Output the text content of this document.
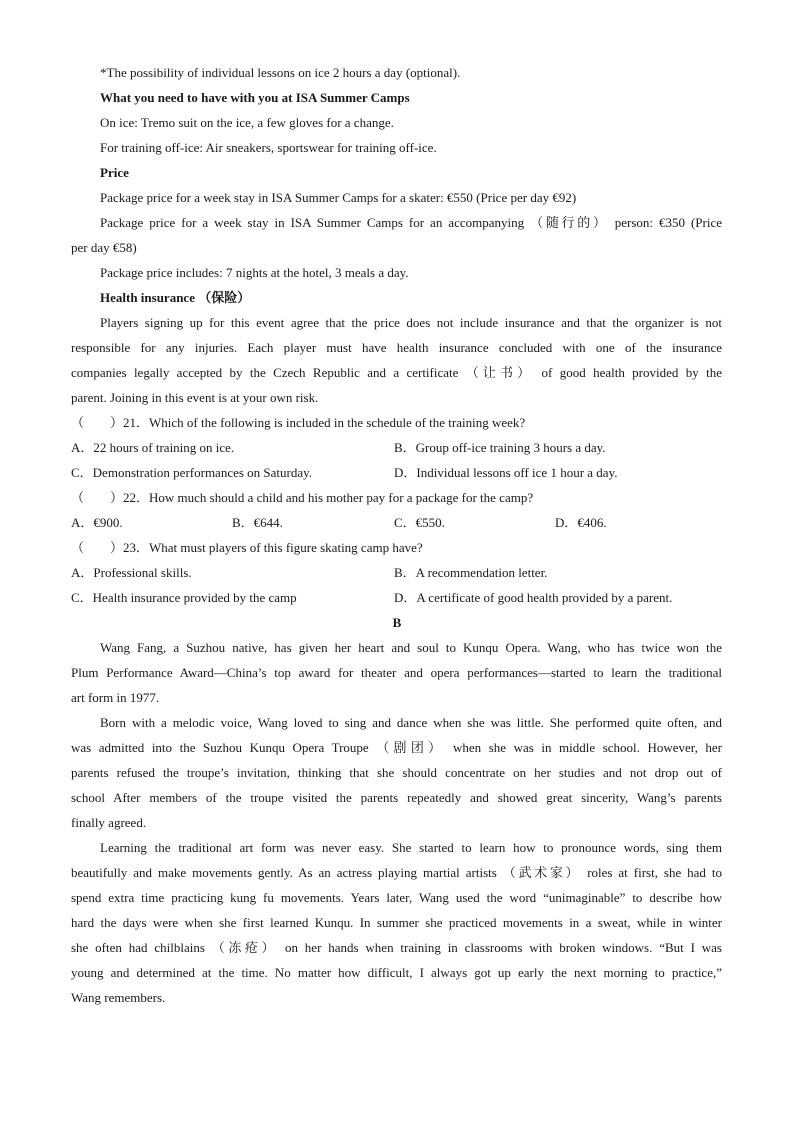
*The possibility of individual lessons on ice 2 hours a day (optional).
What you need to have with you at ISA Summer Camps
On ice: Tremo suit on the ice, a few gloves for a change.
For training off-ice: Air sneakers, sportswear for training off-ice.
Price
Package price for a week stay in ISA Summer Camps for a skater: €550 (Price per day €92)
Package price for a week stay in ISA Summer Camps for an accompanying （随行的） person: €350 (Price
per day €58)
Package price includes: 7 nights at the hotel, 3 meals a day.
Health insurance （保险）
Players signing up for this event agree that the price does not include insurance and that the organizer is not
responsible for any injuries. Each player must have health insurance concluded with one of the insurance
companies legally accepted by the Czech Republic and a certificate （让书） of good health provided by the
parent. Joining in this event is at your own risk.
（　　）21．Which of the following is included in the schedule of the training week?
A．22 hours of training on ice.	B．Group off-ice training 3 hours a day.
C．Demonstration performances on Saturday.	D．Individual lessons off ice 1 hour a day.
（　　）22．How much should a child and his mother pay for a package for the camp?
A．€900.	B．€644.	C．€550.	D．€406.
（　　）23．What must players of this figure skating camp have?
A．Professional skills.	B．A recommendation letter.
C．Health insurance provided by the camp	D．A certificate of good health provided by a parent.
B
Wang Fang, a Suzhou native, has given her heart and soul to Kunqu Opera. Wang, who has twice won the
Plum Performance Award—China’s top award for theater and opera performances—started to learn the traditional
art form in 1977.
Born with a melodic voice, Wang loved to sing and dance when she was little. She performed quite often, and
was admitted into the Suzhou Kunqu Opera Troupe （剧团） when she was in middle school. However, her
parents refused the troupe’s invitation, thinking that she should concentrate on her studies and not drop out of
school After members of the troupe visited the parents repeatedly and showed great sincerity, Wang’s parents
finally agreed.
Learning the traditional art form was never easy. She started to learn how to pronounce words, sing them
beautifully and make movements gently. As an actress playing martial artists （武术家） roles at first, she had to
spend extra time practicing kung fu movements. Years later, Wang used the word “unimaginable” to describe how
hard the days were when she first learned Kunqu. In summer she practiced movements in a sweat, while in winter
she often had chilblains （冻疮） on her hands when training in classrooms with broken windows. “But I was
young and determined at the time. No matter how difficult, I always got up early the next morning to practice,”
Wang remembers.
